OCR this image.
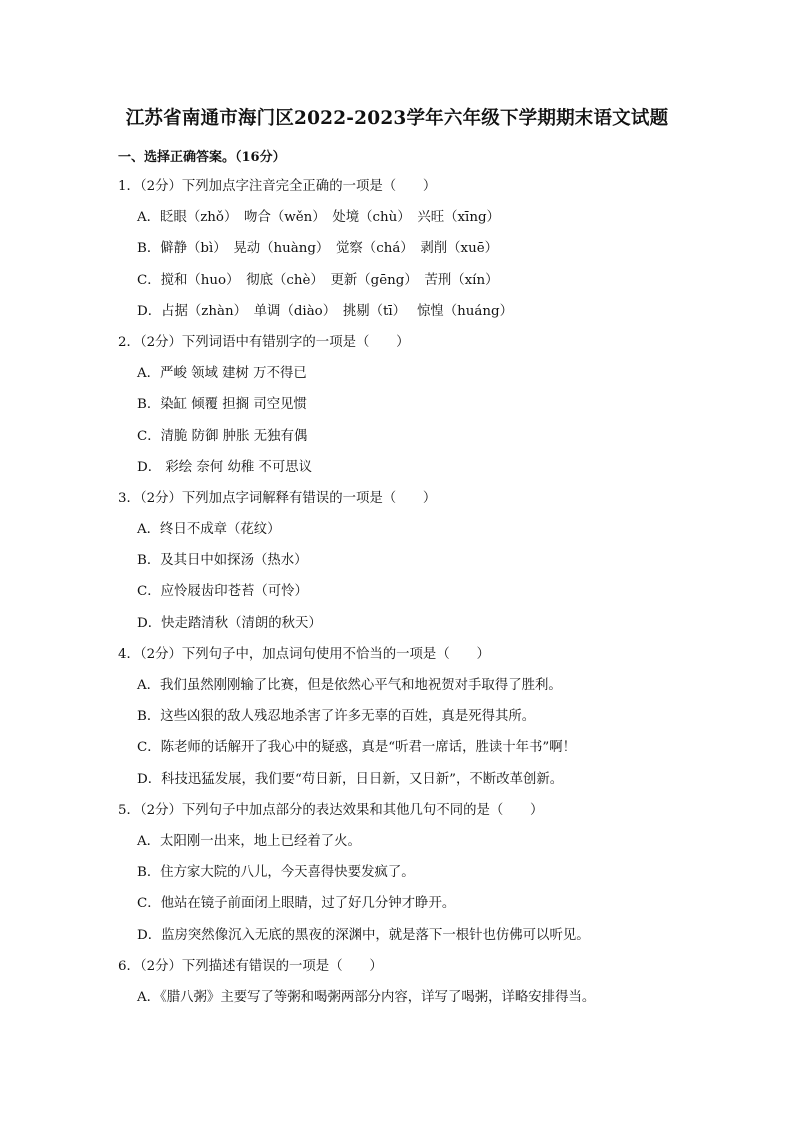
江苏省南通市海门区2022-2023学年六年级下学期期末语文试题
一、选择正确答案。（16分）
1．（2分）下列加点字注音完全正确的一项是（　　）
A．眨眼（zhǒ）　吻合（wěn）　处境（chù）　兴旺（xīng）
B．僻静（bì）　晃动（huàng）　觉察（chá）　剥削（xuē）
C．搅和（huo）　彻底（chè）　更新（gēng）　苦刑（xín）
D．占据（zhàn）　单调（diào）　挑剔（tī）　 惊惶（huáng）
2．（2分）下列词语中有错别字的一项是（　　）
A．严峻 领域 建树 万不得已
B．染缸 倾覆 担搁 司空见惯
C．清脆 防御 肿胀 无独有偶
D． 彩绘 奈何 幼稚 不可思议
3．（2分）下列加点字词解释有错误的一项是（　　）
A．终日不成章（花纹）
B．及其日中如探汤（热水）
C．应怜屐齿印苍苔（可怜）
D．快走踏清秋（清朗的秋天）
4．（2分）下列句子中，加点词句使用不恰当的一项是（　　）
A．我们虽然刚刚输了比赛，但是依然心平气和地祝贺对手取得了胜利。
B．这些凶狠的敌人残忍地杀害了许多无辜的百姓，真是死得其所。
C．陈老师的话解开了我心中的疑惑，真是“听君一席话，胜读十年书”啊！
D．科技迅猛发展，我们要“苟日新，日日新，又日新”，不断改革创新。
5．（2分）下列句子中加点部分的表达效果和其他几句不同的是（　　）
A．太阳刚一出来，地上已经着了火。
B．住方家大院的八儿，今天喜得快要发疯了。
C．他站在镜子前面闭上眼睛，过了好几分钟才睁开。
D．监房突然像沉入无底的黑夜的深渊中，就是落下一根针也仿佛可以听见。
6．（2分）下列描述有错误的一项是（　　）
A．《腊八粥》主要写了等粥和喝粥两部分内容，详写了喝粥，详略安排得当。
